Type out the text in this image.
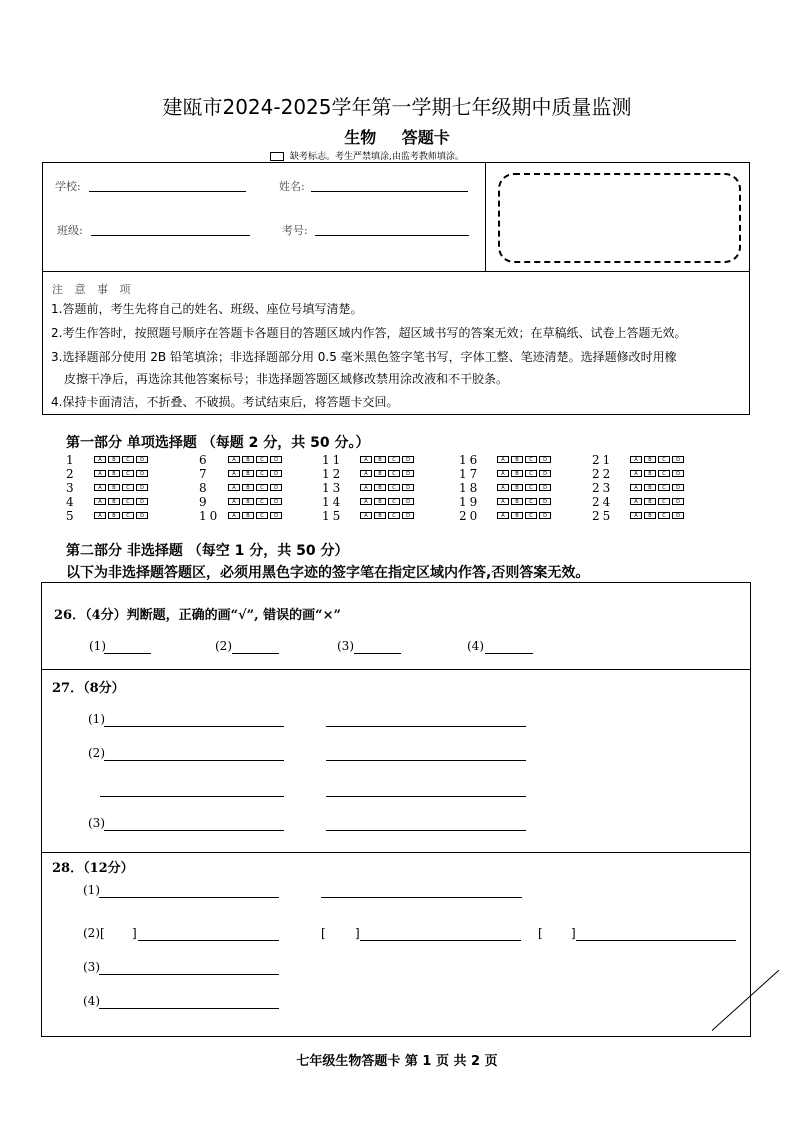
建瓯市2024-2025学年第一学期七年级期中质量监测
生物 答题卡
缺考标志。考生严禁填涂,由监考教师填涂。
学校:	姓名:
班级:	考号:
注 意 事 项
1.答题前，考生先将自己的姓名、班级、座位号填写清楚。
2.考生作答时，按照题号顺序在答题卡各题目的答题区域内作答，超区域书写的答案无效；在草稿纸、试卷上答题无效。
3.选择题部分使用 2B 铅笔填涂；非选择题部分用 0.5 毫米黑色签字笔书写，字体工整、笔迹清楚。选择题修改时用橡
皮擦干净后，再选涂其他答案标号；非选择题答题区域修改禁用涂改液和不干胶条。
4.保持卡面清洁，不折叠、不破损。考试结束后，将答题卡交回。
第一部分 单项选择题 （每题 2 分，共 50 分。）
1	A	B	C	D
2	A	B	C	D
3	A	B	C	D
4	A	B	C	D
5	A	B	C	D
6	A	B	C	D
7	A	B	C	D
8	A	B	C	D
9	A	B	C	D
10	A	B	C	D
11	A	B	C	D
12	A	B	C	D
13	A	B	C	D
14	A	B	C	D
15	A	B	C	D
16	A	B	C	D
17	A	B	C	D
18	A	B	C	D
19	A	B	C	D
20	A	B	C	D
21	A	B	C	D
22	A	B	C	D
23	A	B	C	D
24	A	B	C	D
25	A	B	C	D
第二部分 非选择题 （每空 1 分，共 50 分）
以下为非选择题答题区，必须用黑色字迹的签字笔在指定区域内作答,否则答案无效。
26．（4分）判断题，正确的画“√”, 错误的画“×”
(1)	(2)	(3)	(4)
27．（8分）
(1)
(2)
(3)
28．（12分）
(1)
(2)[ ]	[ ]	[ ]
(3)
(4)
七年级生物答题卡 第 1 页 共 2 页
